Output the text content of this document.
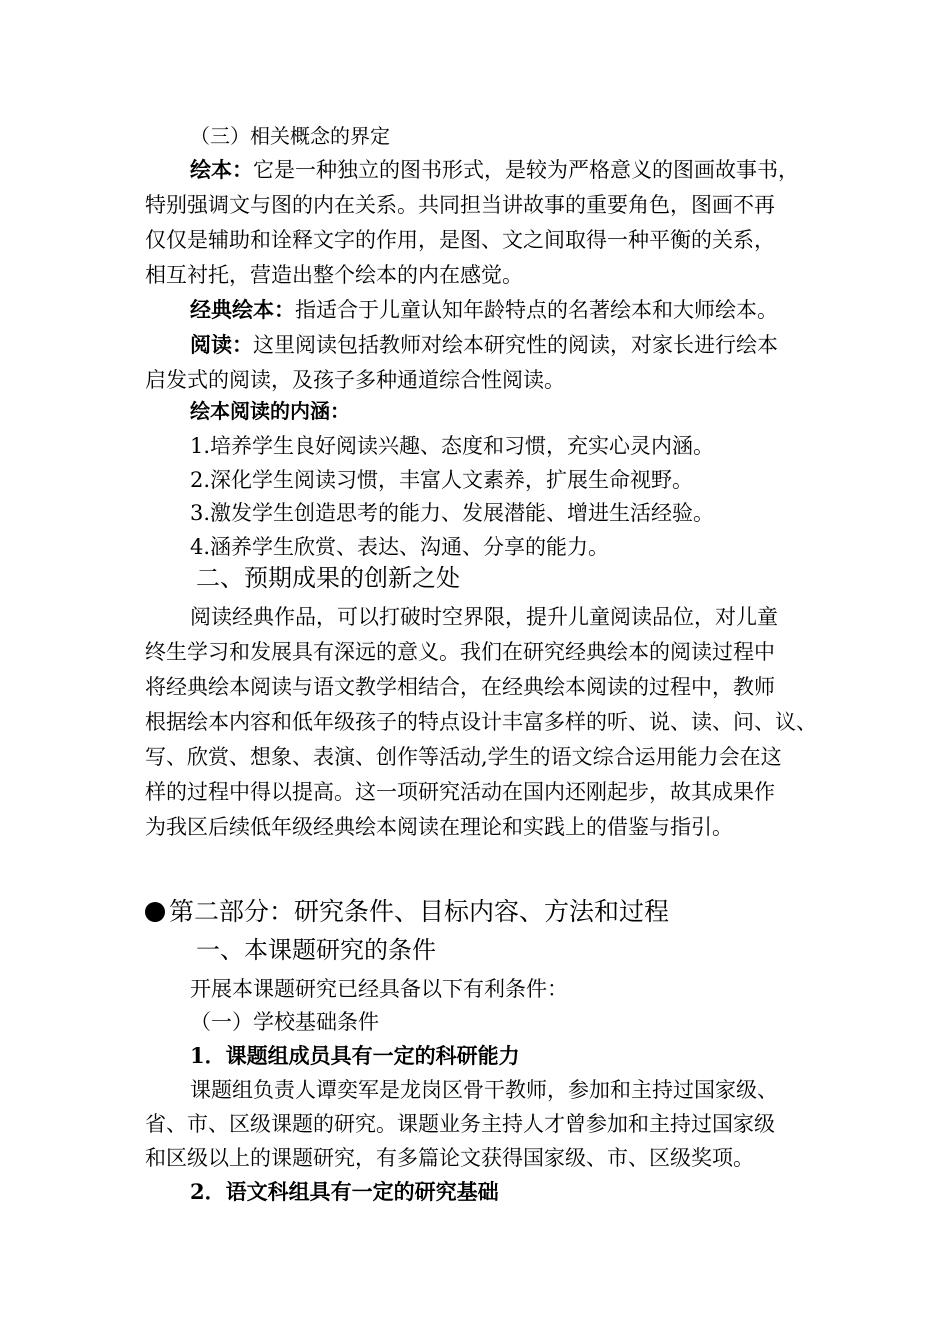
（三）相关概念的界定
绘本：它是一种独立的图书形式，是较为严格意义的图画故事书，
特别强调文与图的内在关系。共同担当讲故事的重要角色，图画不再
仅仅是辅助和诠释文字的作用，是图、文之间取得一种平衡的关系，
相互衬托，营造出整个绘本的内在感觉。
经典绘本：指适合于儿童认知年龄特点的名著绘本和大师绘本。
阅读：这里阅读包括教师对绘本研究性的阅读，对家长进行绘本
启发式的阅读，及孩子多种通道综合性阅读。
绘本阅读的内涵：
1.培养学生良好阅读兴趣、态度和习惯，充实心灵内涵。
2.深化学生阅读习惯，丰富人文素养，扩展生命视野。
3.激发学生创造思考的能力、发展潜能、增进生活经验。
4.涵养学生欣赏、表达、沟通、分享的能力。
二、预期成果的创新之处
阅读经典作品，可以打破时空界限，提升儿童阅读品位，对儿童
终生学习和发展具有深远的意义。我们在研究经典绘本的阅读过程中
将经典绘本阅读与语文教学相结合，在经典绘本阅读的过程中，教师
根据绘本内容和低年级孩子的特点设计丰富多样的听、说、读、问、议、
写、欣赏、想象、表演、创作等活动,学生的语文综合运用能力会在这
样的过程中得以提高。这一项研究活动在国内还刚起步，故其成果作
为我区后续低年级经典绘本阅读在理论和实践上的借鉴与指引。
第二部分：研究条件、目标内容、方法和过程
一、本课题研究的条件
开展本课题研究已经具备以下有利条件：
（一）学校基础条件
1．课题组成员具有一定的科研能力
课题组负责人谭奕军是龙岗区骨干教师，参加和主持过国家级、
省、市、区级课题的研究。课题业务主持人才曾参加和主持过国家级
和区级以上的课题研究，有多篇论文获得国家级、市、区级奖项。
2．语文科组具有一定的研究基础
